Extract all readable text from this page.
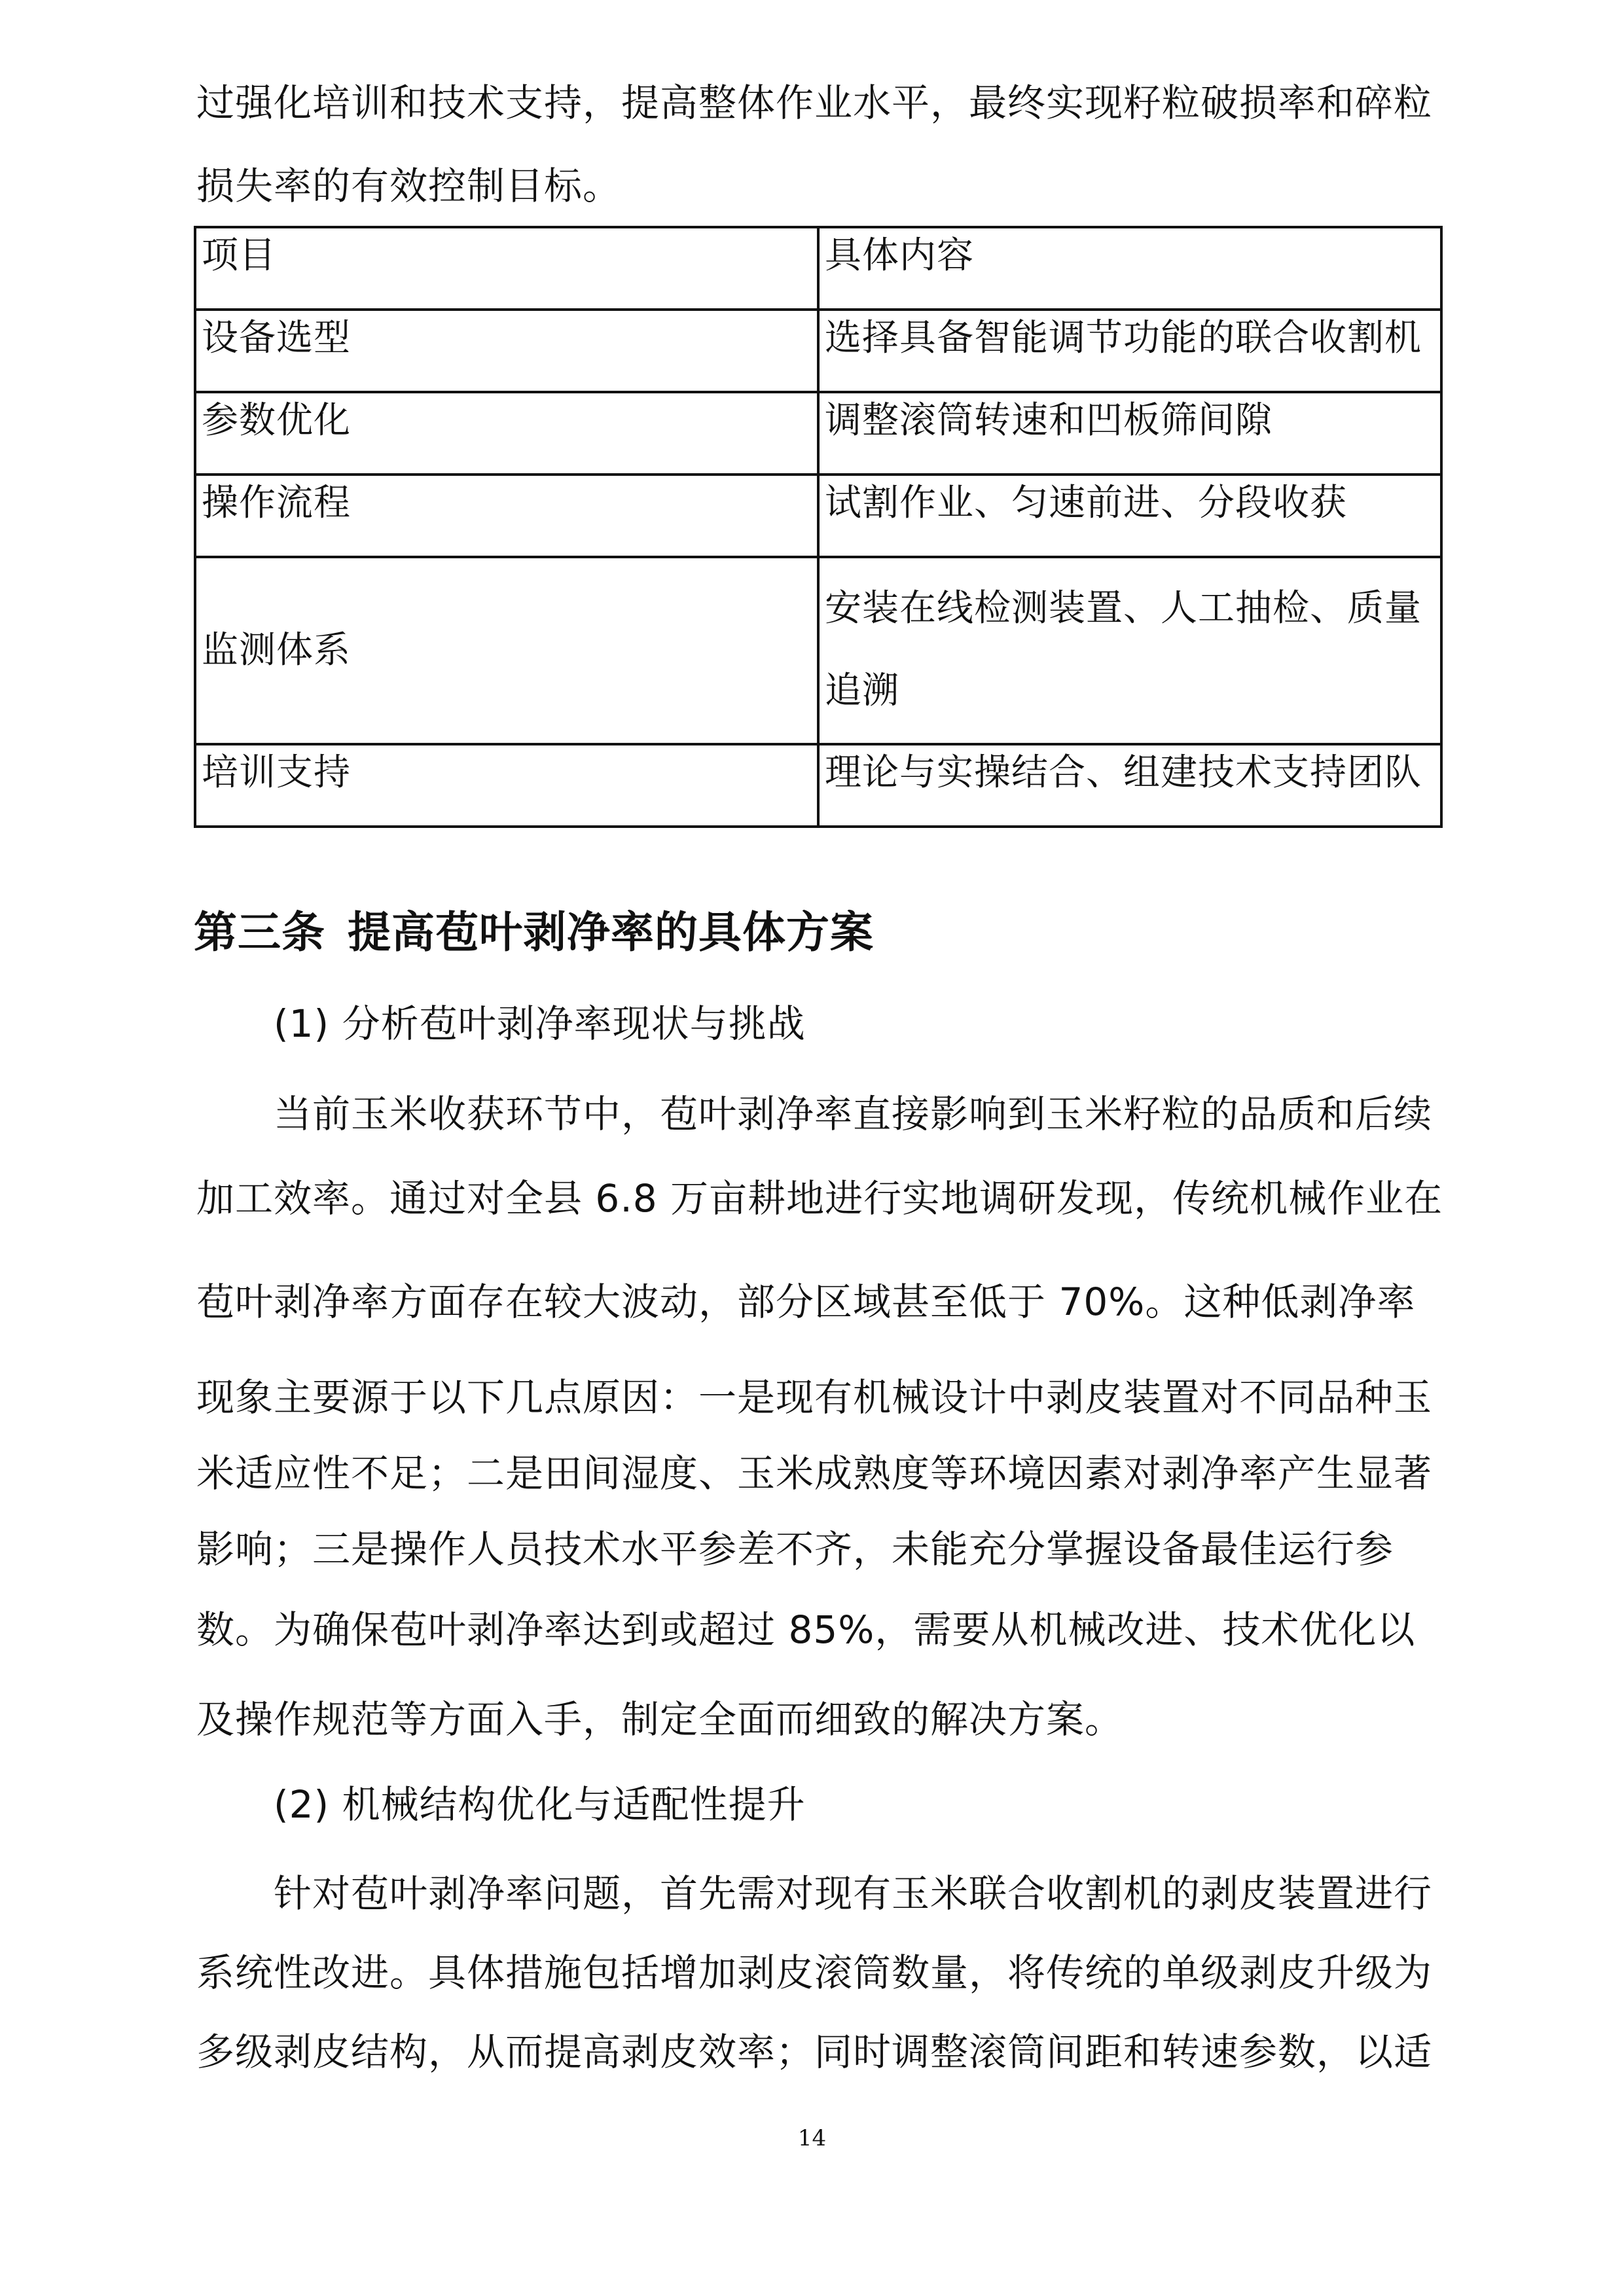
过强化培训和技术支持，提高整体作业水平，最终实现籽粒破损率和碎粒

损失率的有效控制目标。

项目	具体内容
设备选型	选择具备智能调节功能的联合收割机
参数优化	调整滚筒转速和凹板筛间隙
操作流程	试割作业、匀速前进、分段收获
监测体系	安装在线检测装置、人工抽检、质量
追溯
培训支持	理论与实操结合、组建技术支持团队
第三条 提高苞叶剥净率的具体方案

(1) 分析苞叶剥净率现状与挑战

当前玉米收获环节中，苞叶剥净率直接影响到玉米籽粒的品质和后续

加工效率。通过对全县 6.8 万亩耕地进行实地调研发现，传统机械作业在

苞叶剥净率方面存在较大波动，部分区域甚至低于 70%。这种低剥净率

现象主要源于以下几点原因：一是现有机械设计中剥皮装置对不同品种玉

米适应性不足；二是田间湿度、玉米成熟度等环境因素对剥净率产生显著

影响；三是操作人员技术水平参差不齐，未能充分掌握设备最佳运行参

数。为确保苞叶剥净率达到或超过 85%，需要从机械改进、技术优化以

及操作规范等方面入手，制定全面而细致的解决方案。

(2) 机械结构优化与适配性提升

针对苞叶剥净率问题，首先需对现有玉米联合收割机的剥皮装置进行

系统性改进。具体措施包括增加剥皮滚筒数量，将传统的单级剥皮升级为

多级剥皮结构，从而提高剥皮效率；同时调整滚筒间距和转速参数，以适

14
